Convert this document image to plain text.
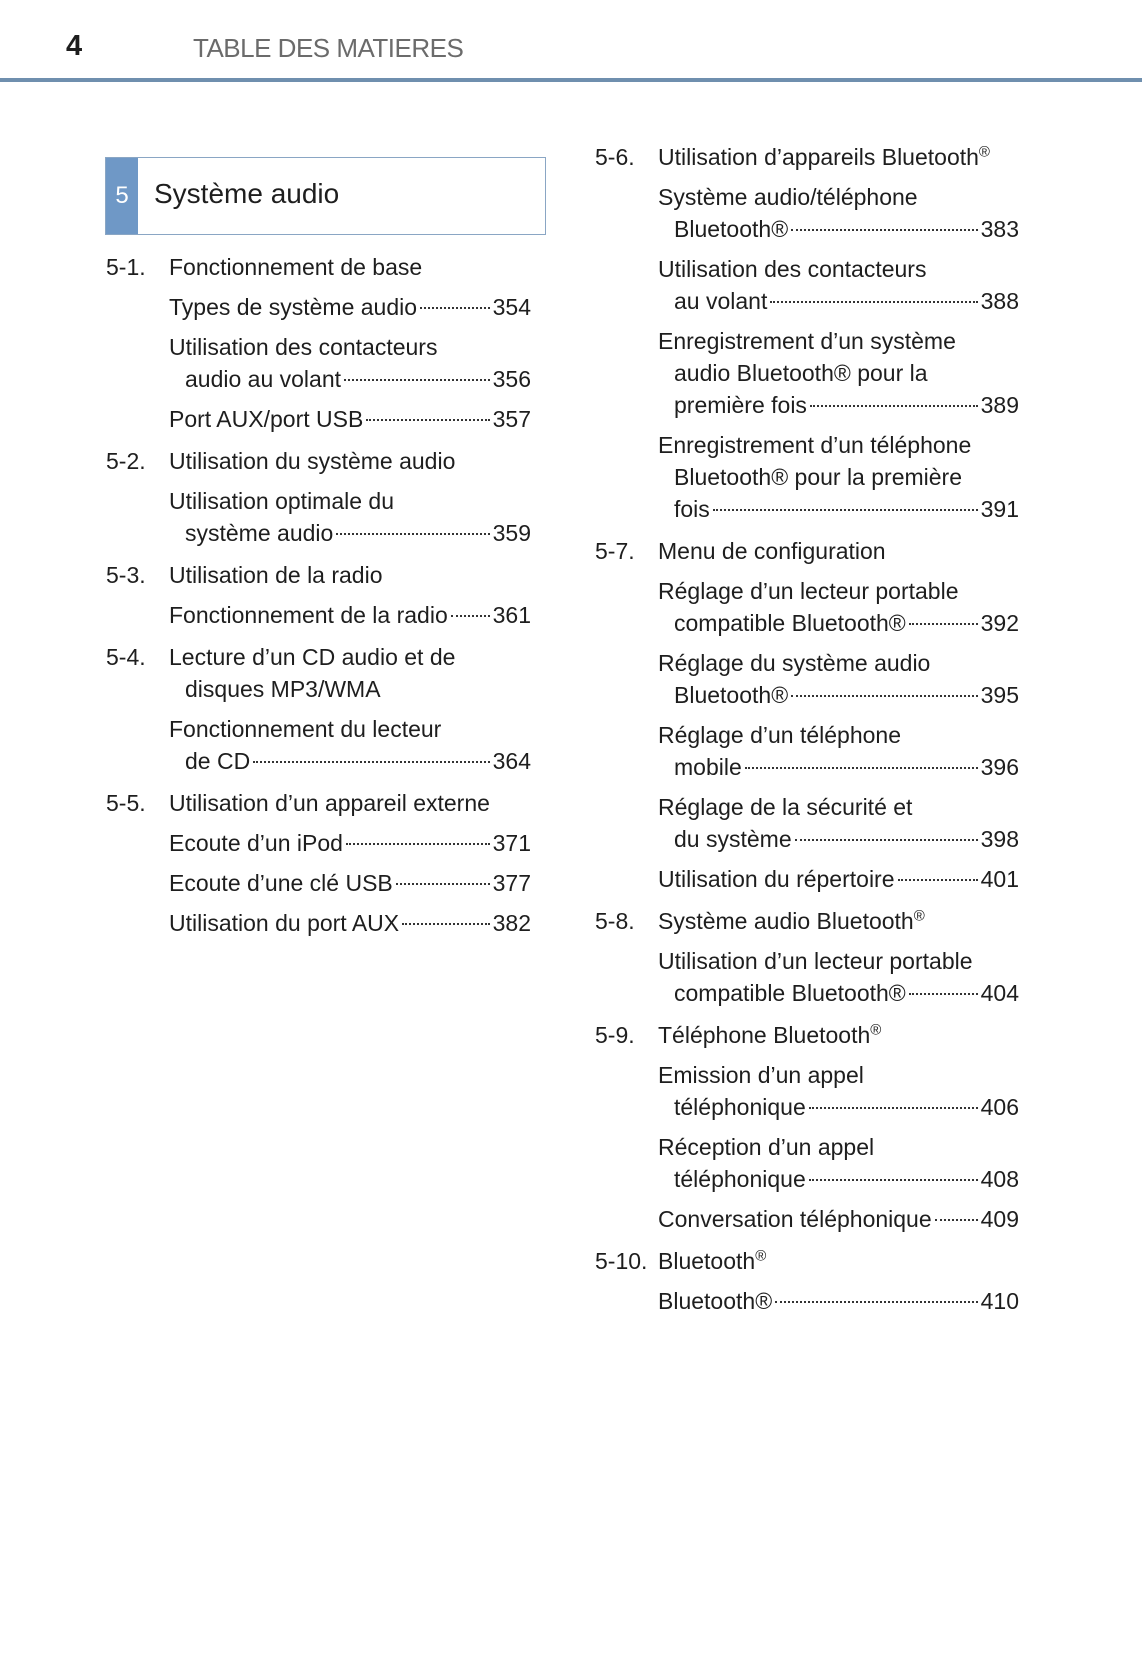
4	TABLE DES MATIERES
5 Système audio
5-1.	Fonctionnement de base
Types de système audio	354
Utilisation des contacteurs
audio au volant	356
Port AUX/port USB	357
5-2.	Utilisation du système audio
Utilisation optimale du
système audio	359
5-3.	Utilisation de la radio
Fonctionnement de la radio 361
5-4.	Lecture d’un CD audio et de
disques MP3/WMA
Fonctionnement du lecteur
de CD	364
5-5.	Utilisation d’un appareil externe
Ecoute d’un iPod	371
Ecoute d’une clé USB	377
Utilisation du port AUX	382
5-6.	Utilisation d’appareils Bluetooth®
Système audio/téléphone
Bluetooth®	383
Utilisation des contacteurs
au volant	388
Enregistrement d’un système
audio Bluetooth® pour la
première fois	389
Enregistrement d’un téléphone
Bluetooth® pour la première
fois	391
5-7.	Menu de configuration
Réglage d’un lecteur portable
compatible Bluetooth®	392
Réglage du système audio
Bluetooth®	395
Réglage d’un téléphone
mobile	396
Réglage de la sécurité et
du système	398
Utilisation du répertoire	401
5-8.	Système audio Bluetooth®
Utilisation d’un lecteur portable
compatible Bluetooth®	404
5-9.	Téléphone Bluetooth®
Emission d’un appel
téléphonique	406
Réception d’un appel
téléphonique	408
Conversation téléphonique 409
5-10. Bluetooth®
Bluetooth®	410
